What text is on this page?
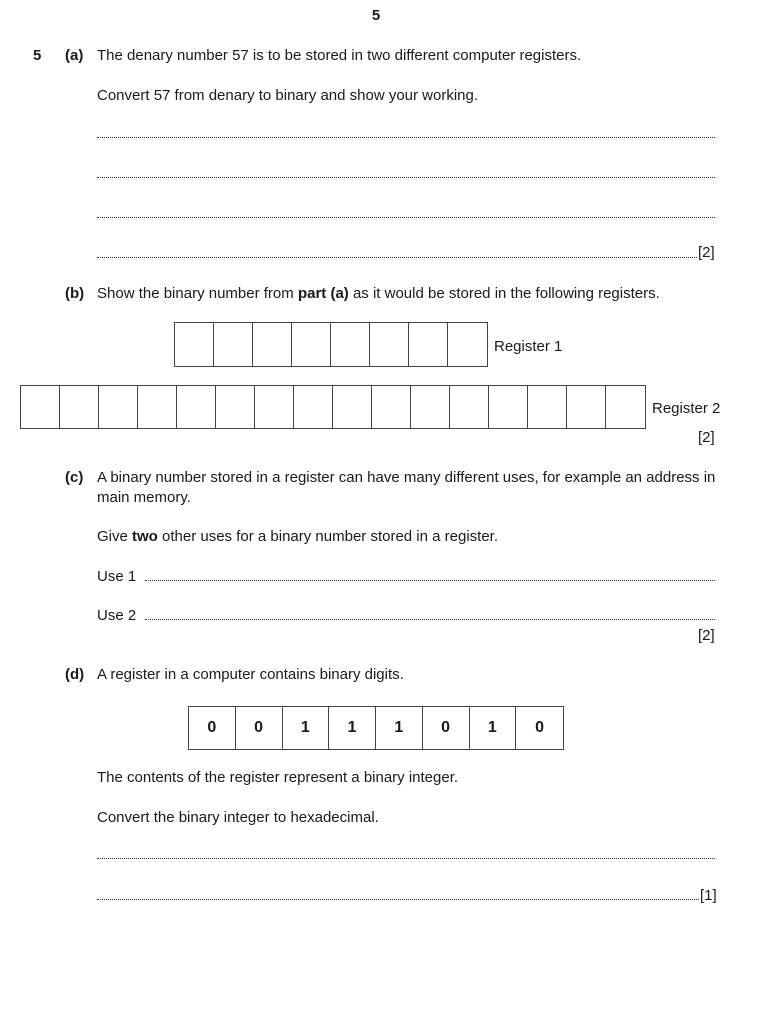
5
5 (a) The denary number 57 is to be stored in two different computer registers.
Convert 57 from denary to binary and show your working.
[2]
(b) Show the binary number from part (a) as it would be stored in the following registers.
Register 1
Register 2
[2]
(c) A binary number stored in a register can have many different uses, for example an address in
main memory.
Give two other uses for a binary number stored in a register.
Use 1
Use 2
[2]
(d) A register in a computer contains binary digits.
0	0	1	1	1	0	1	0
The contents of the register represent a binary integer.
Convert the binary integer to hexadecimal.
[1]
